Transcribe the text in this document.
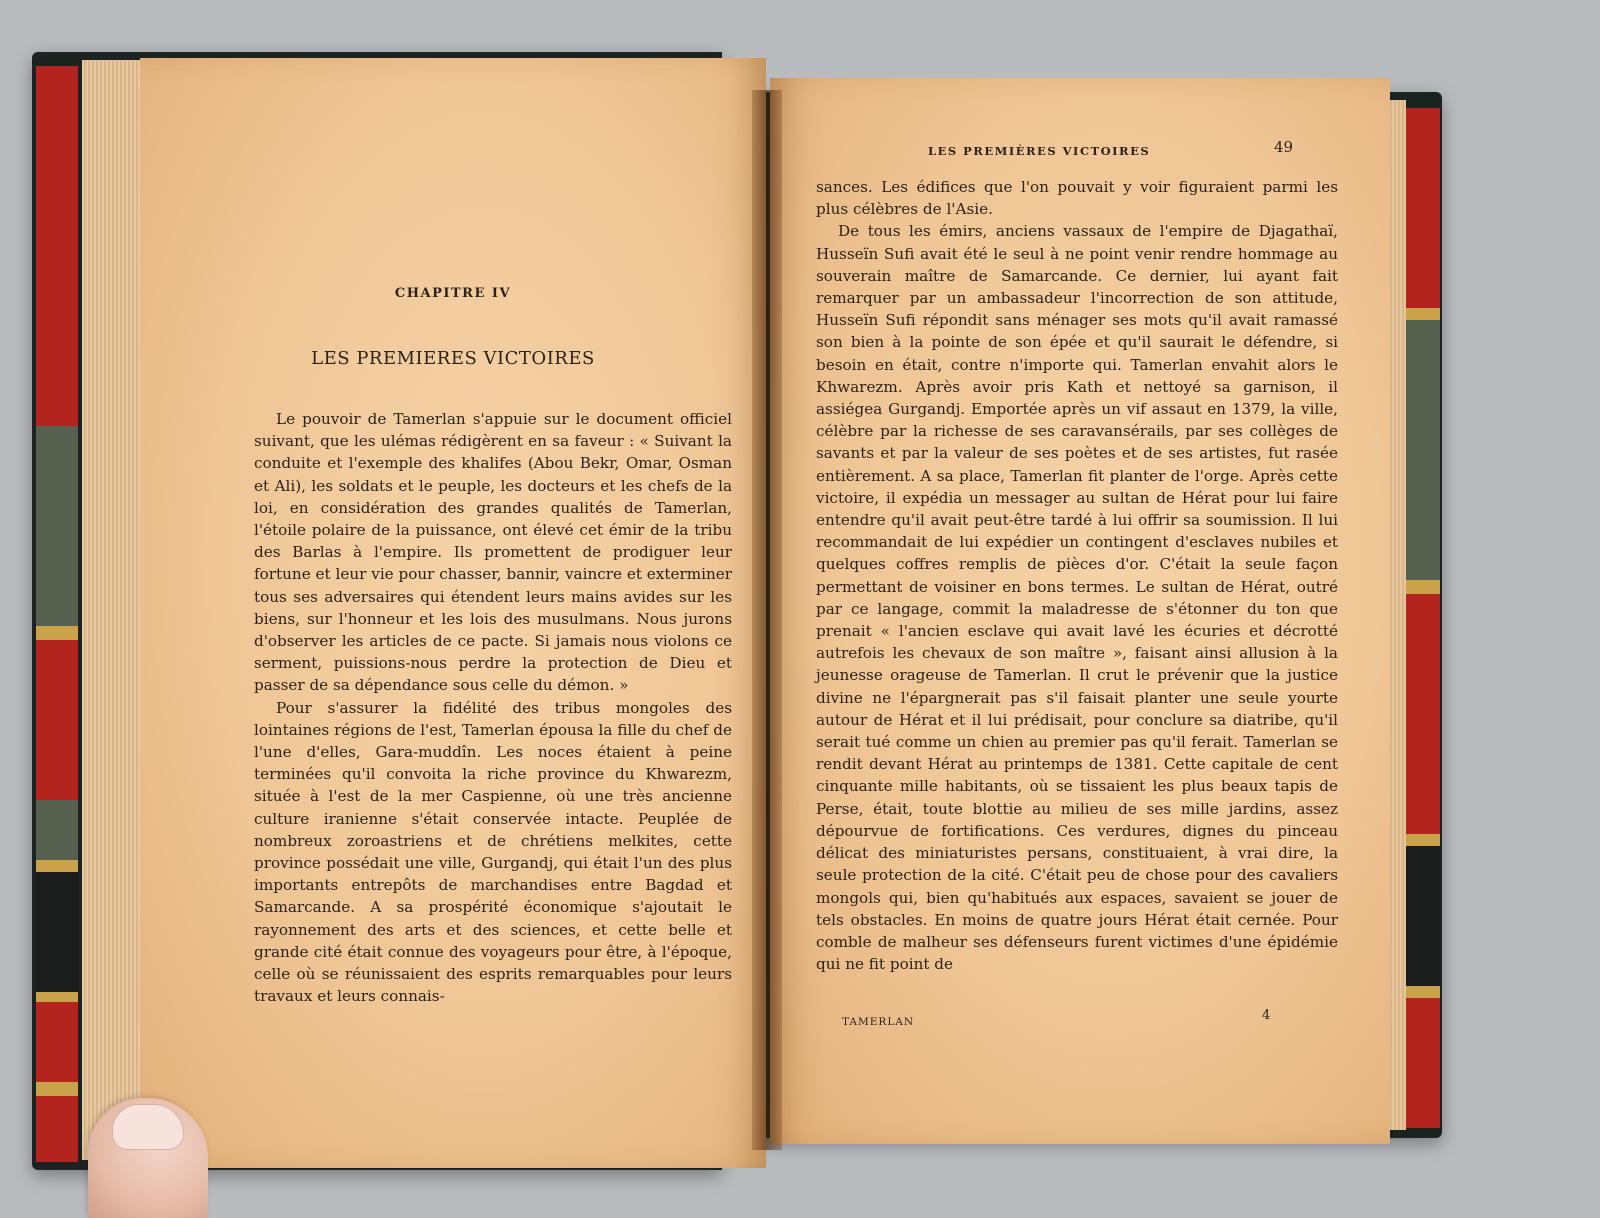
CHAPITRE IV
LES PREMIERES VICTOIRES

Le pouvoir de Tamerlan s'appuie sur le document officiel suivant, que les ulémas rédigèrent en sa faveur : « Suivant la conduite et l'exemple des khalifes (Abou Bekr, Omar, Osman et Ali), les soldats et le peuple, les docteurs et les chefs de la loi, en considération des grandes qualités de Tamerlan, l'étoile polaire de la puissance, ont élevé cet émir de la tribu des Barlas à l'empire. Ils promettent de prodiguer leur fortune et leur vie pour chasser, bannir, vaincre et exterminer tous ses adversaires qui étendent leurs mains avides sur les biens, sur l'honneur et les lois des musulmans. Nous jurons d'observer les articles de ce pacte. Si jamais nous violons ce serment, puissions-nous perdre la protection de Dieu et passer de sa dépendance sous celle du démon. »

Pour s'assurer la fidélité des tribus mongoles des lointaines régions de l'est, Tamerlan épousa la fille du chef de l'une d'elles, Gara-muddîn. Les noces étaient à peine terminées qu'il convoita la riche province du Khwarezm, située à l'est de la mer Caspienne, où une très ancienne culture iranienne s'était conservée intacte. Peuplée de nombreux zoroastriens et de chrétiens melkites, cette province possédait une ville, Gurgandj, qui était l'un des plus importants entrepôts de marchandises entre Bagdad et Samarcande. A sa prospérité économique s'ajoutait le rayonnement des arts et des sciences, et cette belle et grande cité était connue des voyageurs pour être, à l'époque, celle où se réunissaient des esprits remarquables pour leurs travaux et leurs connais-

LES PREMIÈRES VICTOIRES	49

sances. Les édifices que l'on pouvait y voir figuraient parmi les plus célèbres de l'Asie.

De tous les émirs, anciens vassaux de l'empire de Djagathaï, Husseïn Sufi avait été le seul à ne point venir rendre hommage au souverain maître de Samarcande. Ce dernier, lui ayant fait remarquer par un ambassadeur l'incorrection de son attitude, Husseïn Sufi répondit sans ménager ses mots qu'il avait ramassé son bien à la pointe de son épée et qu'il saurait le défendre, si besoin en était, contre n'importe qui. Tamerlan envahit alors le Khwarezm. Après avoir pris Kath et nettoyé sa garnison, il assiégea Gurgandj. Emportée après un vif assaut en 1379, la ville, célèbre par la richesse de ses caravansérails, par ses collèges de savants et par la valeur de ses poètes et de ses artistes, fut rasée entièrement. A sa place, Tamerlan fit planter de l'orge. Après cette victoire, il expédia un messager au sultan de Hérat pour lui faire entendre qu'il avait peut-être tardé à lui offrir sa soumission. Il lui recommandait de lui expédier un contingent d'esclaves nubiles et quelques coffres remplis de pièces d'or. C'était la seule façon permettant de voisiner en bons termes. Le sultan de Hérat, outré par ce langage, commit la maladresse de s'étonner du ton que prenait « l'ancien esclave qui avait lavé les écuries et décrotté autrefois les chevaux de son maître », faisant ainsi allusion à la jeunesse orageuse de Tamerlan. Il crut le prévenir que la justice divine ne l'épargnerait pas s'il faisait planter une seule yourte autour de Hérat et il lui prédisait, pour conclure sa diatribe, qu'il serait tué comme un chien au premier pas qu'il ferait. Tamerlan se rendit devant Hérat au printemps de 1381. Cette capitale de cent cinquante mille habitants, où se tissaient les plus beaux tapis de Perse, était, toute blottie au milieu de ses mille jardins, assez dépourvue de fortifications. Ces verdures, dignes du pinceau délicat des miniaturistes persans, constituaient, à vrai dire, la seule protection de la cité. C'était peu de chose pour des cavaliers mongols qui, bien qu'habitués aux espaces, savaient se jouer de tels obstacles. En moins de quatre jours Hérat était cernée. Pour comble de malheur ses défenseurs furent victimes d'une épidémie qui ne fit point de

TAMERLAN	4
